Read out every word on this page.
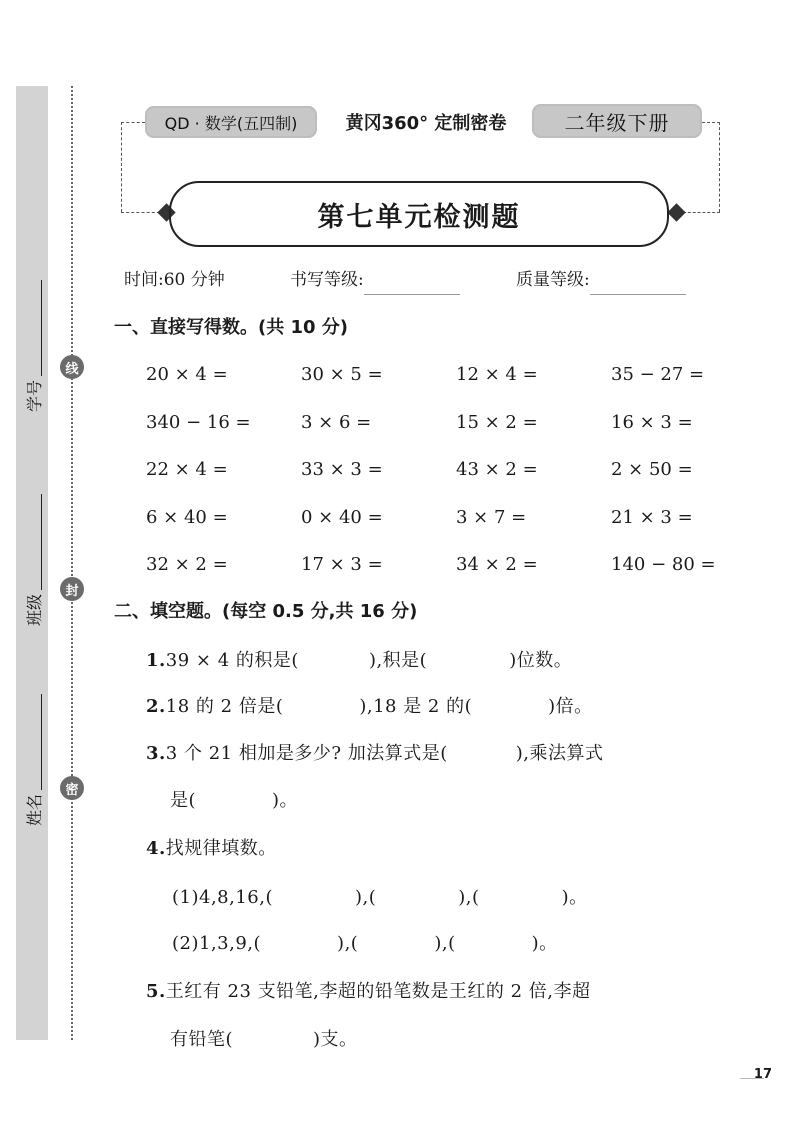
学号
班级
姓名
线
封
密
QD · 数学(五四制)	黄冈360° 定制密卷	二年级下册
第七单元检测题
时间:60 分钟	书写等级:	质量等级:
一、直接写得数。(共 10 分)
20 × 4 =	30 × 5 =	12 × 4 =	35 − 27 =
340 − 16 =	3 × 6 =	15 × 2 =	16 × 3 =
22 × 4 =	33 × 3 =	43 × 2 =	2 × 50 =
6 × 40 =	0 × 40 =	3 × 7 =	21 × 3 =
32 × 2 =	17 × 3 =	34 × 2 =	140 − 80 =
二、填空题。(每空 0.5 分,共 16 分)
1.39 × 4 的积是(	),积是(	)位数。
2.18 的 2 倍是(	),18 是 2 的(	)倍。
3.3 个 21 相加是多少? 加法算式是(	),乘法算式
是(	)。
4.找规律填数。
(1)4,8,16,(	),(	),(	)。
(2)1,3,9,(	),(	),(	)。
5.王红有 23 支铅笔,李超的铅笔数是王红的 2 倍,李超
有铅笔(	)支。
17
